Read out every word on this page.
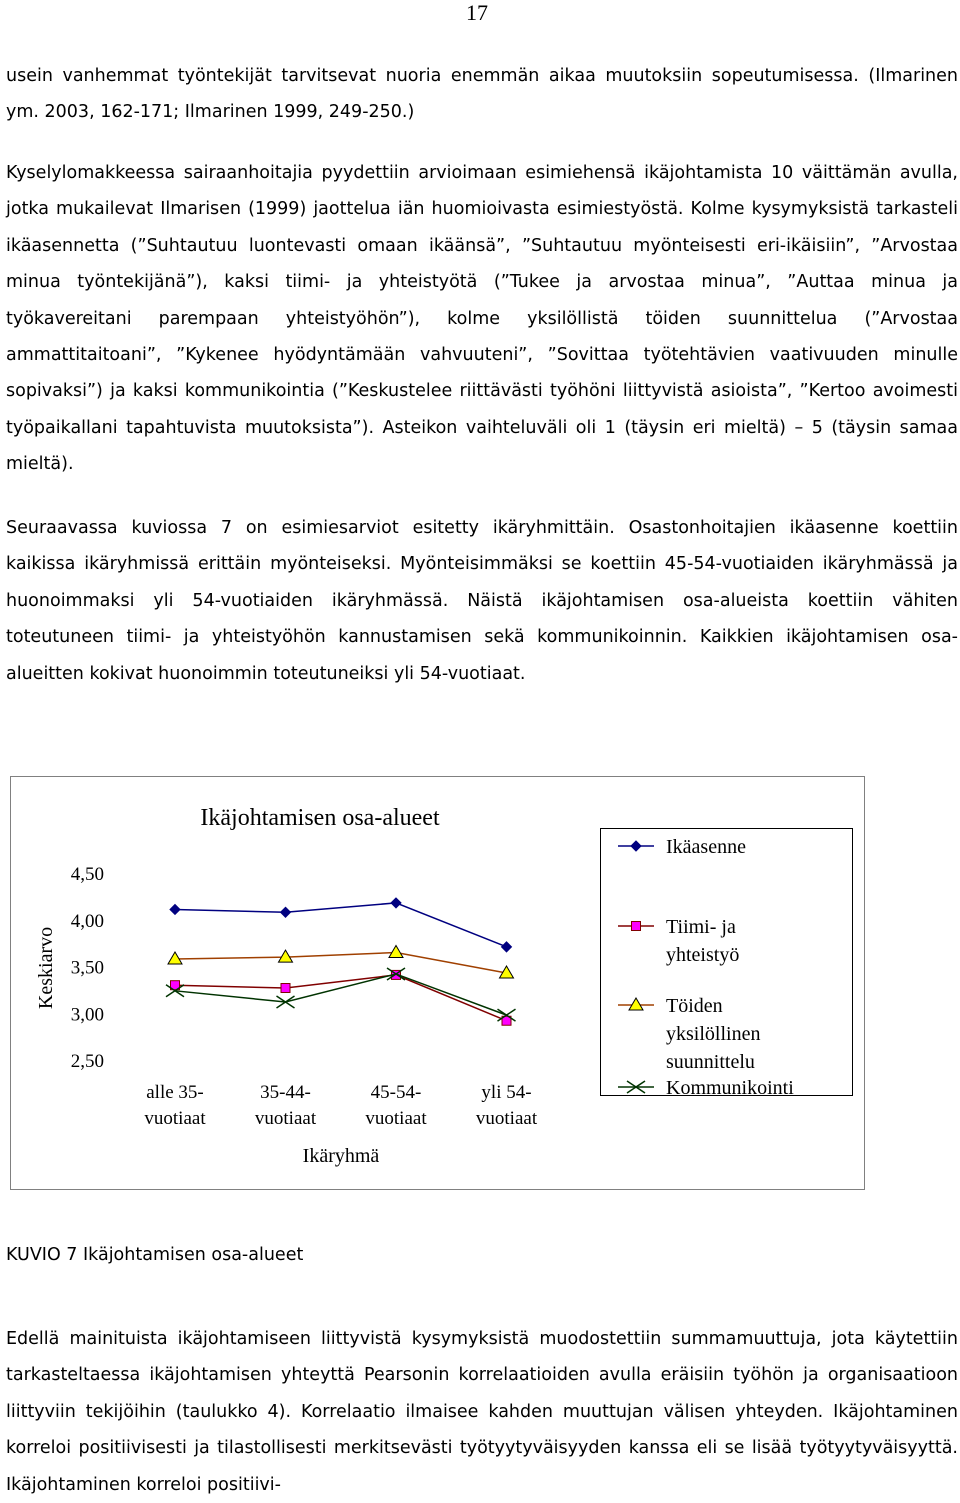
17

usein vanhemmat työntekijät tarvitsevat nuoria enemmän aikaa muutoksiin sopeutumisessa. (Ilmarinen ym. 2003, 162-171; Ilmarinen 1999, 249-250.)

Kyselylomakkeessa sairaanhoitajia pyydettiin arvioimaan esimiehensä ikäjohtamista 10 väittämän avulla, jotka mukailevat Ilmarisen (1999) jaottelua iän huomioivasta esimiestyöstä. Kolme kysymyksistä tarkasteli ikäasennetta (”Suhtautuu luontevasti omaan ikäänsä”, ”Suhtautuu myönteisesti eri-ikäisiin”, ”Arvostaa minua työntekijänä”), kaksi tiimi- ja yhteistyötä (”Tukee ja arvostaa minua”, ”Auttaa minua ja työkavereitani parempaan yhteistyöhön”), kolme yksilöllistä töiden suunnittelua (”Arvostaa ammattitaitoani”, ”Kykenee hyödyntämään vahvuuteni”, ”Sovittaa työtehtävien vaativuuden minulle sopivaksi”) ja kaksi kommunikointia (”Keskustelee riittävästi työhöni liittyvistä asioista”, ”Kertoo avoimesti työpaikallani tapahtuvista muutoksista”). Asteikon vaihteluväli oli 1 (täysin eri mieltä) – 5 (täysin samaa mieltä).

Seuraavassa kuviossa 7 on esimiesarviot esitetty ikäryhmittäin. Osastonhoitajien ikäasenne koettiin kaikissa ikäryhmissä erittäin myönteiseksi. Myönteisimmäksi se koettiin 45-54-vuotiaiden ikäryhmässä ja huonoimmaksi yli 54-vuotiaiden ikäryhmässä. Näistä ikäjohtamisen osa-alueista koettiin vähiten toteutuneen tiimi- ja yhteistyöhön kannustamisen sekä kommunikoinnin. Kaikkien ikäjohtamisen osa-alueitten kokivat huonoimmin toteutuneiksi yli 54-vuotiaat.

Ikäjohtamisen osa-alueet
Keskiarvo
Ikäryhmä
4,50
4,00
3,50
3,00
2,50
alle 35-vuotiaat
35-44-vuotiaat
45-54-vuotiaat
yli 54-vuotiaat
Ikäasenne
Tiimi- ja yhteistyö
Töiden yksilöllinen suunnittelu
Kommunikointi

KUVIO 7 Ikäjohtamisen osa-alueet

Edellä mainituista ikäjohtamiseen liittyvistä kysymyksistä muodostettiin summamuuttuja, jota käytettiin tarkasteltaessa ikäjohtamisen yhteyttä Pearsonin korrelaatioiden avulla eräisiin työhön ja organisaatioon liittyviin tekijöihin (taulukko 4). Korrelaatio ilmaisee kahden muuttujan välisen yhteyden. Ikäjohtaminen korreloi positiivisesti ja tilastollisesti merkitsevästi työtyytyväisyyden kanssa eli se lisää työtyytyväisyyttä. Ikäjohtaminen korreloi positiivi-
